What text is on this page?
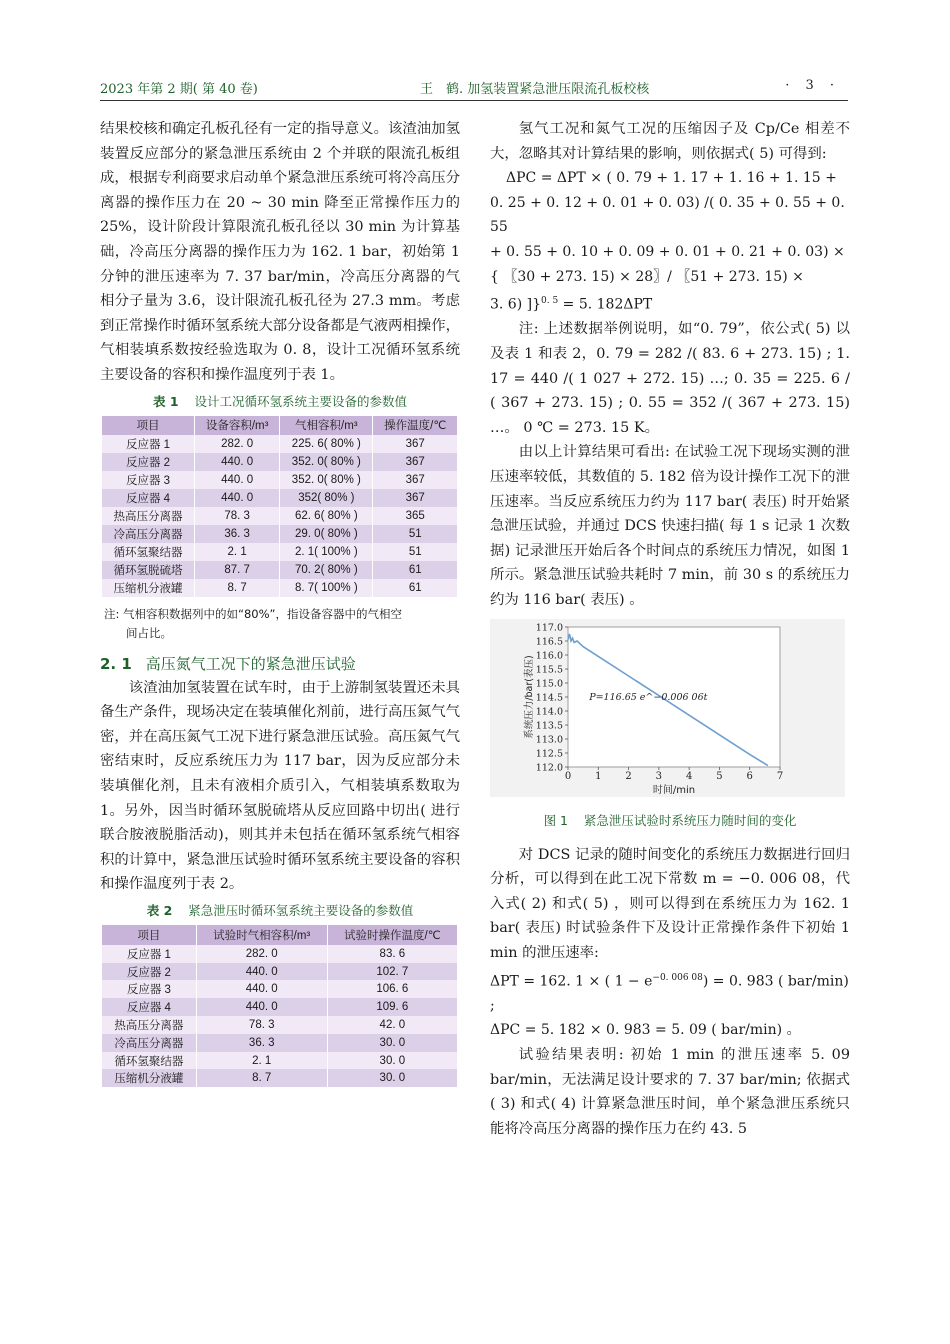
2023 年第 2 期( 第 40 卷)	王　鹤. 加氢装置紧急泄压限流孔板校核	· 3 ·

结果校核和确定孔板孔径有一定的指导意义。该渣油加氢装置反应部分的紧急泄压系统由 2 个并联的限流孔板组成，根据专利商要求启动单个紧急泄压系统可将冷高压分离器的操作压力在 20 ~ 30 min 降至正常操作压力的 25%，设计阶段计算限流孔板孔径以 30 min 为计算基础，冷高压分离器的操作压力为 162. 1 bar，初始第 1 分钟的泄压速率为 7. 37 bar/min，冷高压分离器的气相分子量为 3.6，设计限流孔板孔径为 27.3 mm。考虑到正常操作时循环氢系统大部分设备都是气液两相操作，气相装填系数按经验选取为 0. 8，设计工况循环氢系统主要设备的容积和操作温度列于表 1。

表 1 设计工况循环氢系统主要设备的参数值
项目	设备容积/m³	气相容积/m³	操作温度/℃
反应器 1	282. 0	225. 6( 80% )	367
反应器 2	440. 0	352. 0( 80% )	367
反应器 3	440. 0	352. 0( 80% )	367
反应器 4	440. 0	352( 80% )	367
热高压分离器	78. 3	62. 6( 80% )	365
冷高压分离器	36. 3	29. 0( 80% )	51
循环氢聚结器	2. 1	2. 1( 100% )	51
循环氢脱硫塔	87. 7	70. 2( 80% )	61
压缩机分液罐	8. 7	8. 7( 100% )	61
注: 气相容积数据列中的如“80%”，指设备容器中的气相空
间占比。
2. 1 高压氮气工况下的紧急泄压试验

该渣油加氢装置在试车时，由于上游制氢装置还未具备生产条件，现场决定在装填催化剂前，进行高压氮气气密，并在高压氮气工况下进行紧急泄压试验。高压氮气气密结束时，反应系统压力为 117 bar，因为反应部分未装填催化剂，且未有液相介质引入，气相装填系数取为 1。另外，因当时循环氢脱硫塔从反应回路中切出( 进行联合胺液脱脂活动)，则其并未包括在循环氢系统气相容积的计算中，紧急泄压试验时循环氢系统主要设备的容积和操作温度列于表 2。

表 2 紧急泄压时循环氢系统主要设备的参数值
项目	试验时气相容积/m³	试验时操作温度/℃
反应器 1	282. 0	83. 6
反应器 2	440. 0	102. 7
反应器 3	440. 0	106. 6
反应器 4	440. 0	109. 6
热高压分离器	78. 3	42. 0
冷高压分离器	36. 3	30. 0
循环氢聚结器	2. 1	30. 0
压缩机分液罐	8. 7	30. 0

氢气工况和氮气工况的压缩因子及 Cp/Ce 相差不大，忽略其对计算结果的影响，则依据式( 5) 可得到:

ΔPC = ΔPT × ( 0. 79 + 1. 17 + 1. 16 + 1. 15 +

0. 25 + 0. 12 + 0. 01 + 0. 03) /( 0. 35 + 0. 55 + 0. 55

+ 0. 55 + 0. 10 + 0. 09 + 0. 01 + 0. 21 + 0. 03) ×

{ 〖30 + 273. 15) × 28〗/ 〖51 + 273. 15) ×

3. 6) ]}$^{0. 5}$ = 5. 182ΔPT

注: 上述数据举例说明，如“0. 79”，依公式( 5) 以及表 1 和表 2，0. 79 = 282 /( 83. 6 + 273. 15) ; 1. 17 = 440 /( 1 027 + 272. 15) …; 0. 35 = 225. 6 / ( 367 + 273. 15) ; 0. 55 = 352 /( 367 + 273. 15) …。 0 ℃ = 273. 15 K。

由以上计算结果可看出: 在试验工况下现场实测的泄压速率较低，其数值的 5. 182 倍为设计操作工况下的泄压速率。当反应系统压力约为 117 bar( 表压) 时开始紧急泄压试验，并通过 DCS 快速扫描( 每 1 s 记录 1 次数据) 记录泄压开始后各个时间点的系统压力情况，如图 1 所示。紧急泄压试验共耗时 7 min，前 30 s 的系统压力约为 116 bar( 表压) 。

117.0
116.5
116.0
115.5
115.0
114.5
114.0
113.5
113.0
112.5
112.0
0 1 2 3 4 5 6 7
时间/min
系统压力/bar(表压)	P=116.65 e^−0.006 06t
图 1 紧急泄压试验时系统压力随时间的变化

对 DCS 记录的随时间变化的系统压力数据进行回归分析，可以得到在此工况下常数 m = −0. 006 08，代入式( 2) 和式( 5) ，则可以得到在系统压力为 162. 1 bar( 表压) 时试验条件下及设计正常操作条件下初始 1 min 的泄压速率:

ΔPT = 162. 1 × ( $1 - e^{-0. 006 08}) = 0$. 983 ( bar/min) ;

ΔPC = 5. 182 × 0. 983 = 5. 09 ( bar/min) 。

试验结果表明: 初始 1 min 的泄压速率 5. 09 bar/min，无法满足设计要求的 7. 37 bar/min; 依据式( 3) 和式( 4) 计算紧急泄压时间，单个紧急泄压系统只能将冷高压分离器的操作压力在约 43. 5
